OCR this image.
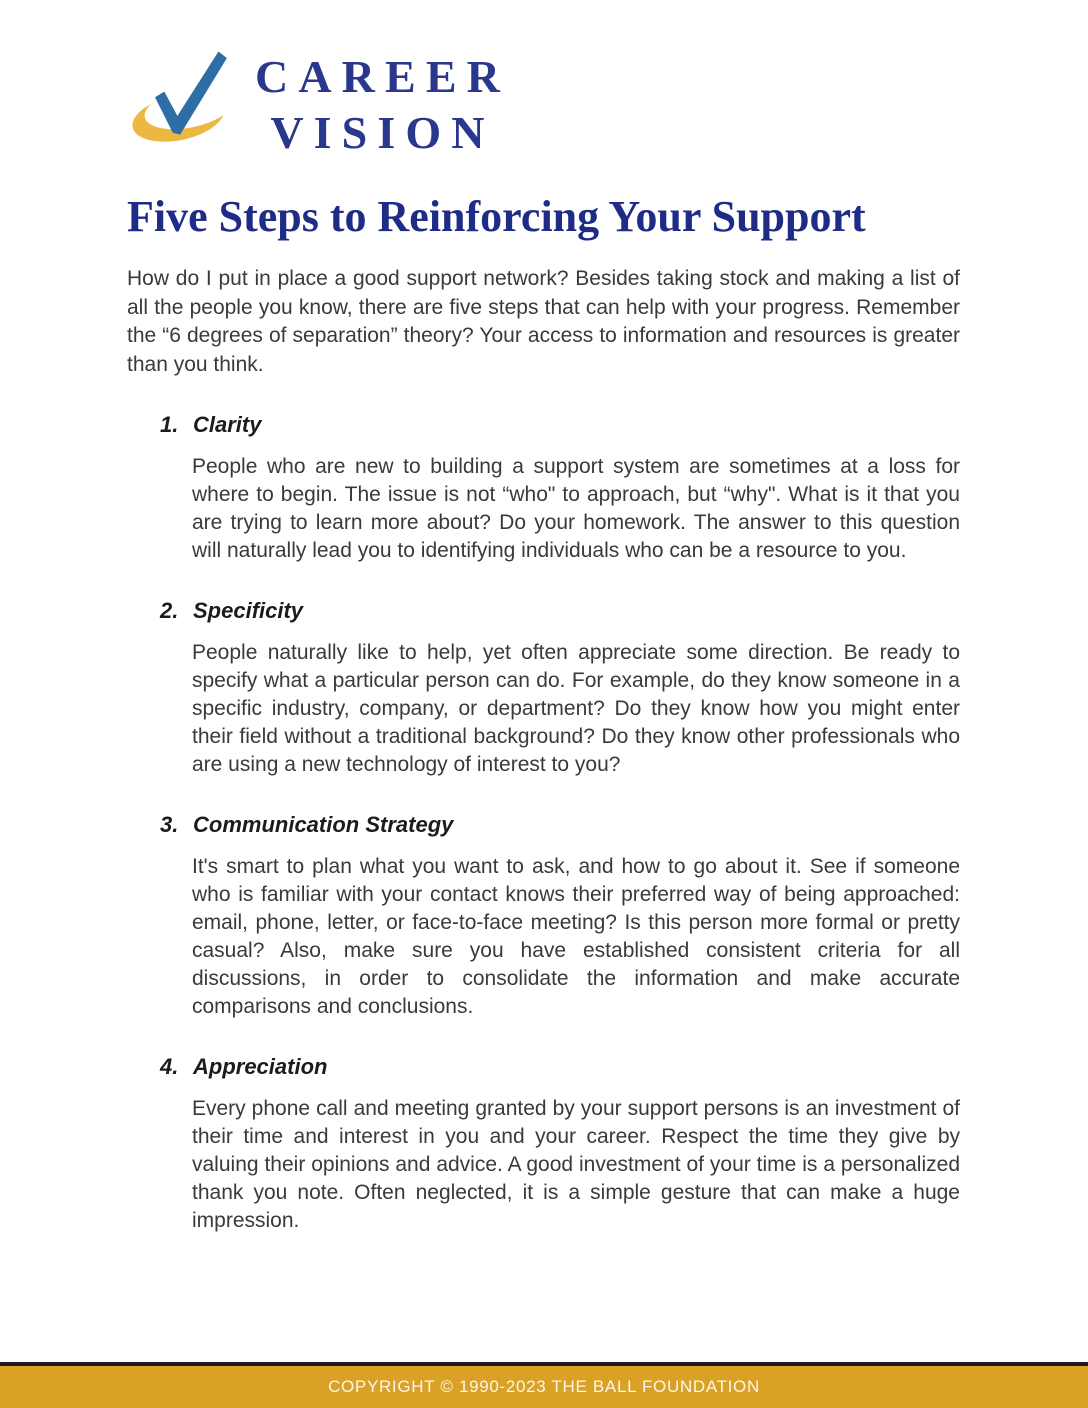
CAREER
VISION
Five Steps to Reinforcing Your Support

How do I put in place a good support network? Besides taking stock and making a list of all the people you know, there are five steps that can help with your progress. Remember the “6 degrees of separation” theory? Your access to information and resources is greater than you think.

1. Clarity

People who are new to building a support system are sometimes at a loss for where to begin. The issue is not “who" to approach, but “why". What is it that you are trying to learn more about? Do your homework. The answer to this question will naturally lead you to identifying individuals who can be a resource to you.

2. Specificity

People naturally like to help, yet often appreciate some direction. Be ready to specify what a particular person can do. For example, do they know someone in a specific industry, company, or department? Do they know how you might enter their field without a traditional background? Do they know other professionals who are using a new technology of interest to you?

3. Communication Strategy

It's smart to plan what you want to ask, and how to go about it. See if someone who is familiar with your contact knows their preferred way of being approached: email, phone, letter, or face-to-face meeting? Is this person more formal or pretty casual? Also, make sure you have established consistent criteria for all discussions, in order to consolidate the information and make accurate comparisons and conclusions.

4. Appreciation

Every phone call and meeting granted by your support persons is an investment of their time and interest in you and your career. Respect the time they give by valuing their opinions and advice. A good investment of your time is a personalized thank you note. Often neglected, it is a simple gesture that can make a huge impression.

COPYRIGHT © 1990-2023 THE BALL FOUNDATION
